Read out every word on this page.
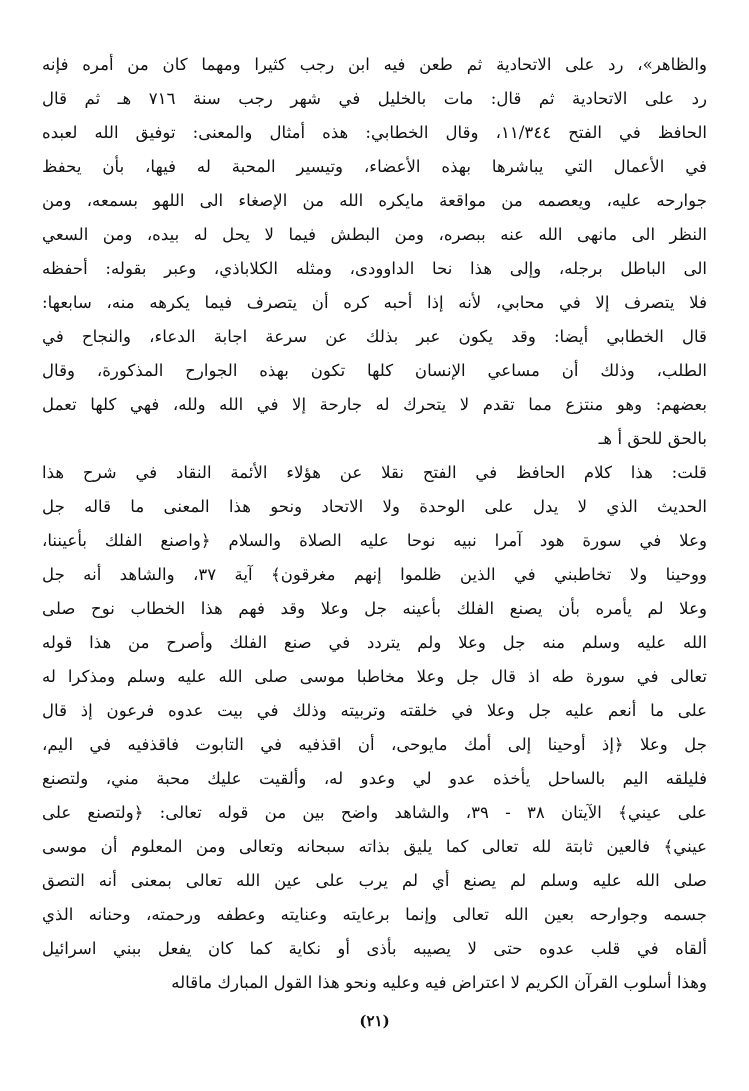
والظاهر»، رد على الاتحادية ثم طعن فيه ابن رجب كثيرا ومهما كان من أمره فإنه
رد على الاتحادية ثم قال: مات بالخليل في شهر رجب سنة ٧١٦ هـ ثم قال
الحافظ في الفتح ١١/٣٤٤، وقال الخطابي: هذه أمثال والمعنى: توفيق الله لعبده
في الأعمال التي يباشرها بهذه الأعضاء، وتيسير المحبة له فيها، بأن يحفظ
جوارحه عليه، ويعصمه من مواقعة مايكره الله من الإصغاء الى اللهو بسمعه، ومن
النظر الى مانهى الله عنه ببصره، ومن البطش فيما لا يحل له بيده، ومن السعي
الى الباطل برجله، وإلى هذا نحا الداوودى، ومثله الكلاباذي، وعبر بقوله: أحفظه
فلا يتصرف إلا في محابي، لأنه إذا أحبه كره أن يتصرف فيما يكرهه منه، سابعها:
قال الخطابي أيضا: وقد يكون عبر بذلك عن سرعة اجابة الدعاء، والنجاح في
الطلب، وذلك أن مساعي الإنسان كلها تكون بهذه الجوارح المذكورة، وقال
بعضهم: وهو منتزع مما تقدم لا يتحرك له جارحة إلا في الله ولله، فهي كلها تعمل
بالحق للحق أ هـ
قلت: هذا كلام الحافظ في الفتح نقلا عن هؤلاء الأئمة النقاد في شرح هذا
الحديث الذي لا يدل على الوحدة ولا الاتحاد ونحو هذا المعنى ما قاله جل
وعلا في سورة هود آمرا نبيه نوحا عليه الصلاة والسلام ﴿واصنع الفلك بأعيننا،
ووحينا ولا تخاطبني في الذين ظلموا إنهم مغرقون﴾ آية ٣٧، والشاهد أنه جل
وعلا لم يأمره بأن يصنع الفلك بأعينه جل وعلا وقد فهم هذا الخطاب نوح صلى
الله عليه وسلم منه جل وعلا ولم يتردد في صنع الفلك وأصرح من هذا قوله
تعالى في سورة طه اذ قال جل وعلا مخاطبا موسى صلى الله عليه وسلم ومذكرا له
على ما أنعم عليه جل وعلا في خلقته وتربيته وذلك في بيت عدوه فرعون إذ قال
جل وعلا ﴿إذ أوحينا إلى أمك مايوحى، أن اقذفيه في التابوت فاقذفيه في اليم،
فليلقه اليم بالساحل يأخذه عدو لي وعدو له، وألقيت عليك محبة مني، ولتصنع
على عيني﴾ الآيتان ٣٨ - ٣٩، والشاهد واضح بين من قوله تعالى: ﴿ولتصنع على
عيني﴾ فالعين ثابتة لله تعالى كما يليق بذاته سبحانه وتعالى ومن المعلوم أن موسى
صلى الله عليه وسلم لم يصنع أي لم يرب على عين الله تعالى بمعنى أنه التصق
جسمه وجوارحه بعين الله تعالى وإنما برعايته وعنايته وعطفه ورحمته، وحنانه الذي
ألقاه في قلب عدوه حتى لا يصيبه بأذى أو نكاية كما كان يفعل ببني اسرائيل
وهذا أسلوب القرآن الكريم لا اعتراض فيه وعليه ونحو هذا القول المبارك ماقاله
(٢١)
